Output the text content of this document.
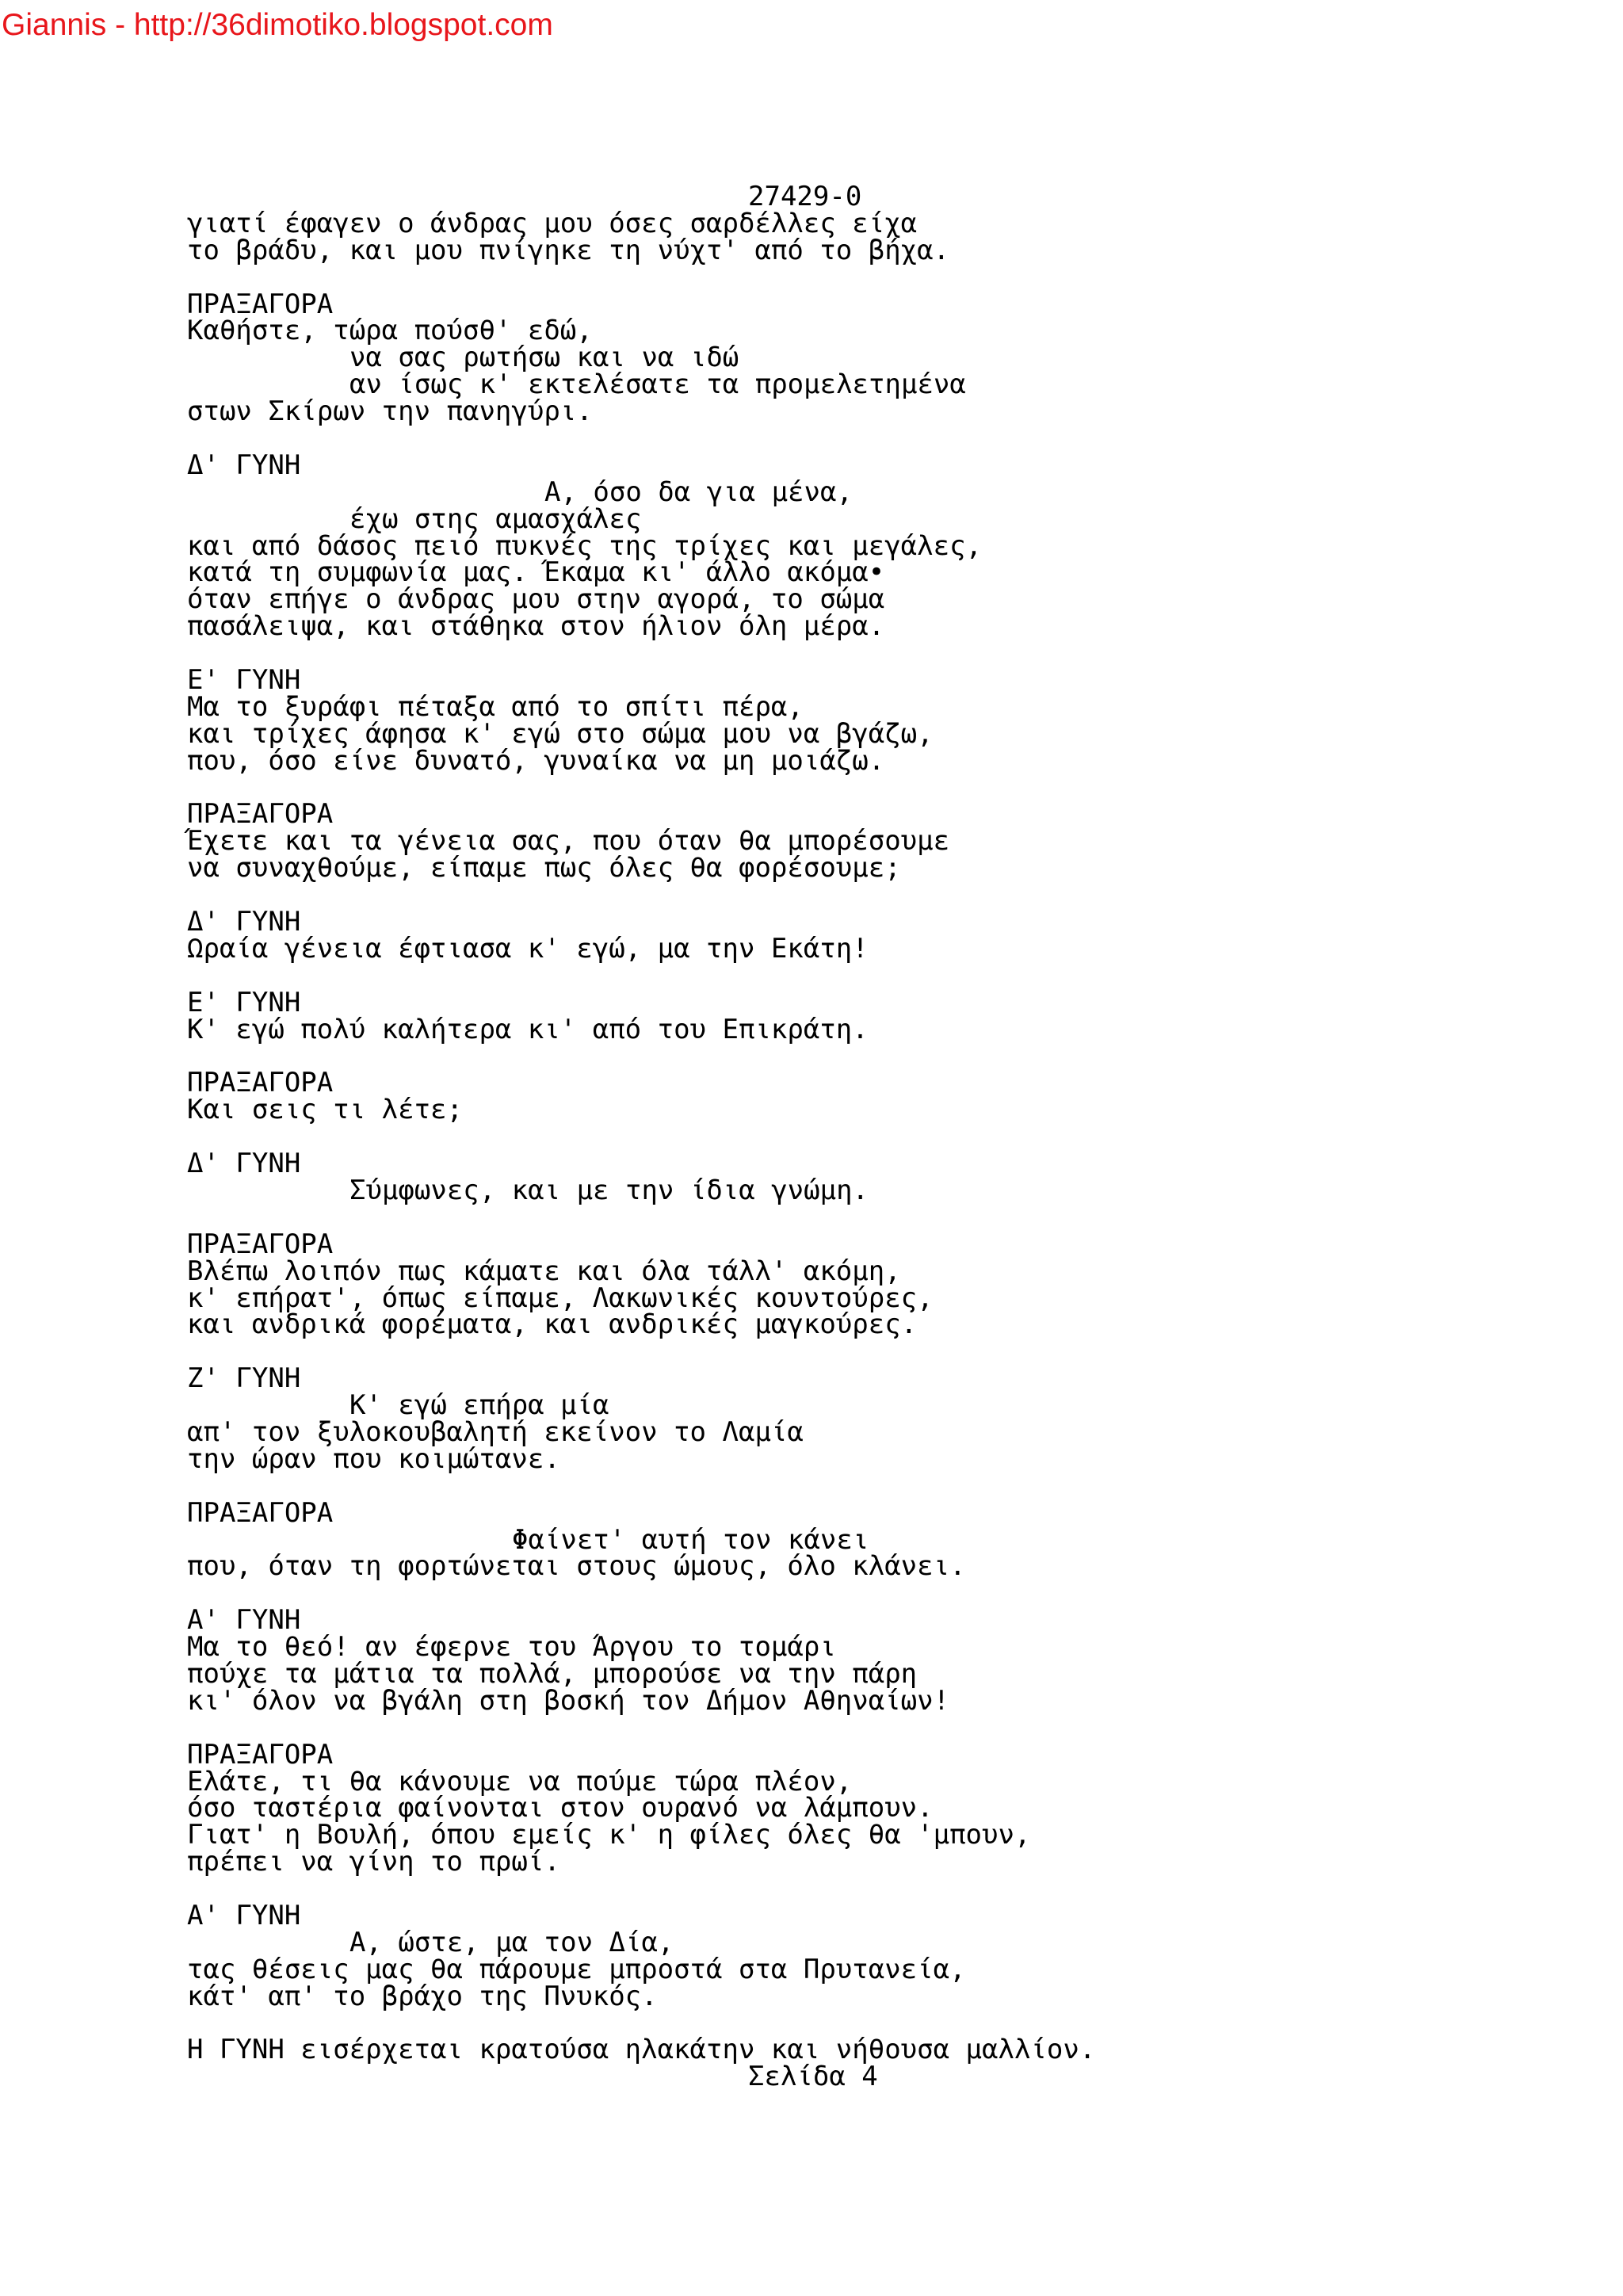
Giannis - http://36dimotiko.blogspot.com
27429-0
γιατί έφαγεν ο άνδρας μου όσες σαρδέλλες είχα
το βράδυ, και μου πνίγηκε τη νύχτ' από το βήχα.
ΠΡΑΞΑΓΟΡΑ
Καθήστε, τώρα πούσθ' εδώ,
να σας ρωτήσω και να ιδώ
αν ίσως κ' εκτελέσατε τα προμελετημένα
στων Σκίρων την πανηγύρι.
Δ' ΓΥΝΗ
Α, όσο δα για μένα,
έχω στης αμασχάλες
και από δάσος πειό πυκνές της τρίχες και μεγάλες,
κατά τη συμφωνία μας. Έκαμα κι' άλλο ακόμα•
όταν επήγε ο άνδρας μου στην αγορά, το σώμα
πασάλειψα, και στάθηκα στον ήλιον όλη μέρα.
Ε' ΓΥΝΗ
Μα το ξυράφι πέταξα από το σπίτι πέρα,
και τρίχες άφησα κ' εγώ στο σώμα μου να βγάζω,
που, όσο είνε δυνατό, γυναίκα να μη μοιάζω.
ΠΡΑΞΑΓΟΡΑ
Έχετε και τα γένεια σας, που όταν θα μπορέσουμε
να συναχθούμε, είπαμε πως όλες θα φορέσουμε;
Δ' ΓΥΝΗ
Ωραία γένεια έφτιασα κ' εγώ, μα την Εκάτη!
Ε' ΓΥΝΗ
Κ' εγώ πολύ καλήτερα κι' από του Επικράτη.
ΠΡΑΞΑΓΟΡΑ
Και σεις τι λέτε;
Δ' ΓΥΝΗ
Σύμφωνες, και με την ίδια γνώμη.
ΠΡΑΞΑΓΟΡΑ
Βλέπω λοιπόν πως κάματε και όλα τάλλ' ακόμη,
κ' επήρατ', όπως είπαμε, Λακωνικές κουντούρες,
και ανδρικά φορέματα, και ανδρικές μαγκούρες.
Ζ' ΓΥΝΗ
Κ' εγώ επήρα μία
απ' τον ξυλοκουβαλητή εκείνον το Λαμία
την ώραν που κοιμώτανε.
ΠΡΑΞΑΓΟΡΑ
Φαίνετ' αυτή τον κάνει
που, όταν τη φορτώνεται στους ώμους, όλο κλάνει.
Α' ΓΥΝΗ
Μα το θεό! αν έφερνε του Άργου το τομάρι
πούχε τα μάτια τα πολλά, μπορούσε να την πάρη
κι' όλον να βγάλη στη βοσκή τον Δήμον Αθηναίων!
ΠΡΑΞΑΓΟΡΑ
Ελάτε, τι θα κάνουμε να πούμε τώρα πλέον,
όσο ταστέρια φαίνονται στον ουρανό να λάμπουν.
Γιατ' η Βουλή, όπου εμείς κ' η φίλες όλες θα 'μπουν,
πρέπει να γίνη το πρωί.
Α' ΓΥΝΗ
Α, ώστε, μα τον Δία,
τας θέσεις μας θα πάρουμε μπροστά στα Πρυτανεία,
κάτ' απ' το βράχο της Πνυκός.
Η ΓΥΝΗ εισέρχεται κρατούσα ηλακάτην και νήθουσα μαλλίον.
Σελίδα 4
